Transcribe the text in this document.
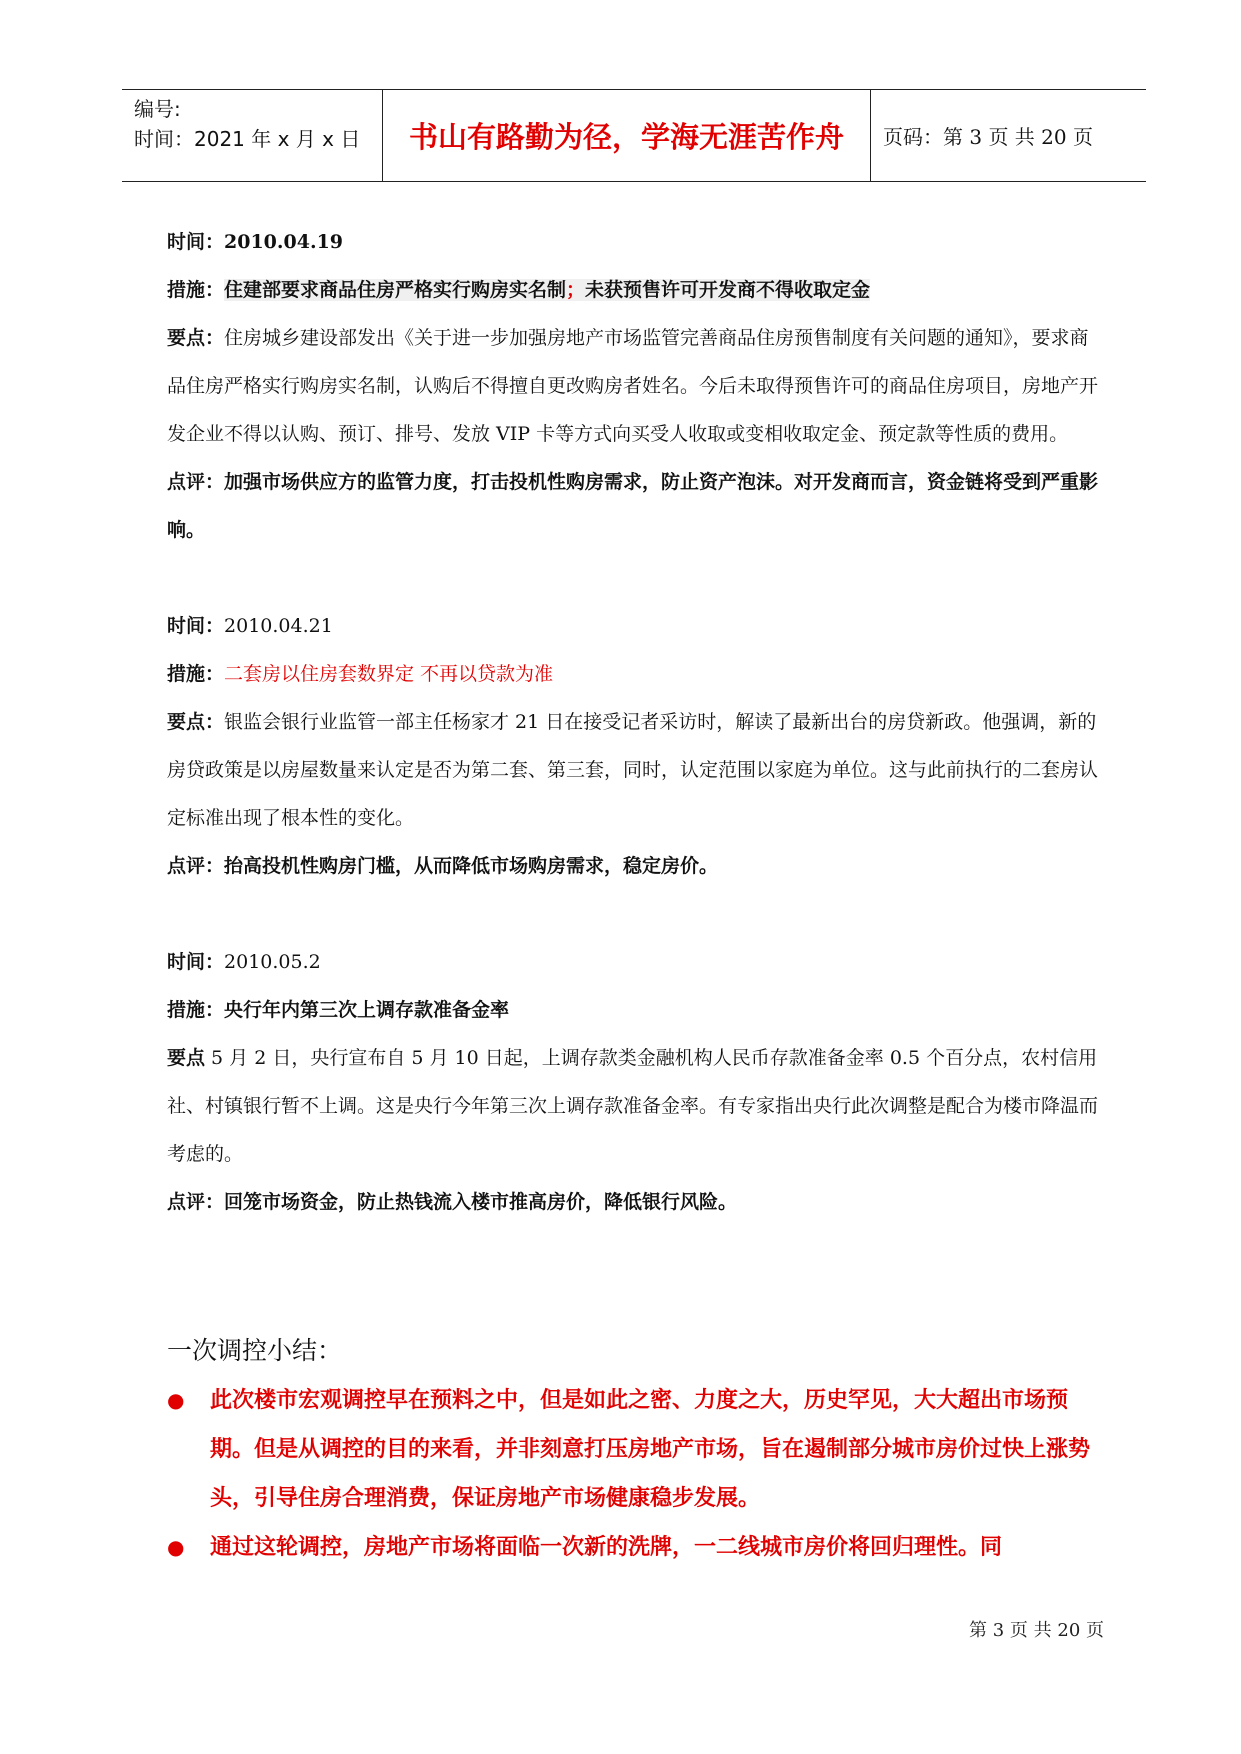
编号:
时间：2021 年 x 月 x 日	书山有路勤为径，学海无涯苦作舟	页码：第 3 页 共 20 页
时间：2010.04.19
措施：住建部要求商品住房严格实行购房实名制；未获预售许可开发商不得收取定金
要点：住房城乡建设部发出《关于进一步加强房地产市场监管完善商品住房预售制度有关问题的通知》，要求商品住房严格实行购房实名制，认购后不得擅自更改购房者姓名。今后未取得预售许可的商品住房项目，房地产开发企业不得以认购、预订、排号、发放 VIP 卡等方式向买受人收取或变相收取定金、预定款等性质的费用。
点评：加强市场供应方的监管力度，打击投机性购房需求，防止资产泡沫。对开发商而言，资金链将受到严重影响。
时间：2010.04.21
措施：二套房以住房套数界定 不再以贷款为准
要点：银监会银行业监管一部主任杨家才 21 日在接受记者采访时，解读了最新出台的房贷新政。他强调，新的房贷政策是以房屋数量来认定是否为第二套、第三套，同时，认定范围以家庭为单位。这与此前执行的二套房认定标准出现了根本性的变化。
点评：抬高投机性购房门槛，从而降低市场购房需求，稳定房价。
时间：2010.05.2
措施：央行年内第三次上调存款准备金率
要点 5 月 2 日，央行宣布自 5 月 10 日起，上调存款类金融机构人民币存款准备金率 0.5 个百分点，农村信用社、村镇银行暂不上调。这是央行今年第三次上调存款准备金率。有专家指出央行此次调整是配合为楼市降温而考虑的。
点评：回笼市场资金，防止热钱流入楼市推高房价，降低银行风险。
一次调控小结：
●	此次楼市宏观调控早在预料之中，但是如此之密、力度之大，历史罕见，大大超出市场预期。但是从调控的目的来看，并非刻意打压房地产市场，旨在遏制部分城市房价过快上涨势头，引导住房合理消费，保证房地产市场健康稳步发展。
●	通过这轮调控，房地产市场将面临一次新的洗牌，一二线城市房价将回归理性。同
第 3 页 共 20 页
